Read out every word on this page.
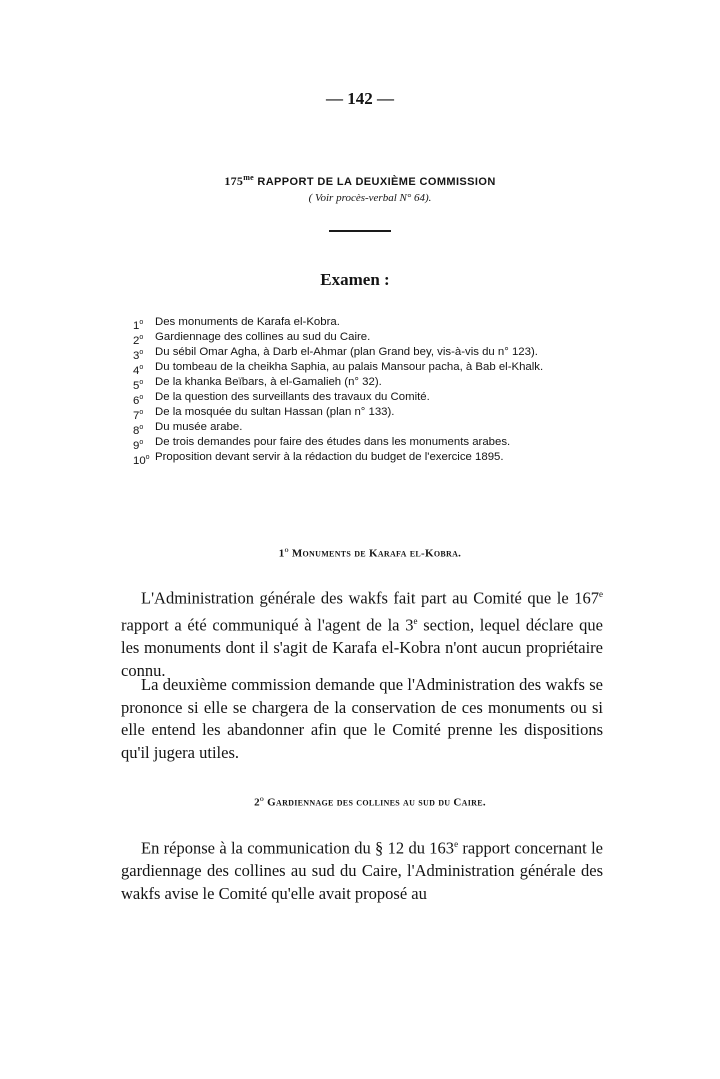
— 142 —
$175^{me}$ RAPPORT DE LA DEUXIÈME COMMISSION
( Voir procès-verbal N° 64).
Examen :
1$^o$ Des monuments de Karafa el-Kobra.
2$^o$ Gardiennage des collines au sud du Caire.
3$^o$ Du sébil Omar Agha, à Darb el-Ahmar (plan Grand bey, vis-à-vis du n° 123).
4$^o$ Du tombeau de la cheikha Saphia, au palais Mansour pacha, à Bab el-Khalk.
5$^o$ De la khanka Beïbars, à el-Gamalieh (n° 32).
6$^o$ De la question des surveillants des travaux du Comité.
7$^o$ De la mosquée du sultan Hassan (plan n° 133).
8$^o$ Du musée arabe.
9$^o$ De trois demandes pour faire des études dans les monuments arabes.
10$^o$ Proposition devant servir à la rédaction du budget de l'exercice 1895.
1$^o$ Monuments de Karafa el-Kobra.

L'Administration générale des wakfs fait part au Comité que le 167e rapport a été communiqué à l'agent de la 3e section, lequel déclare que les monuments dont il s'agit de Karafa el-Kobra n'ont aucun propriétaire connu.

La deuxième commission demande que l'Administration des wakfs se prononce si elle se chargera de la conservation de ces monuments ou si elle entend les abandonner afin que le Comité prenne les dispositions qu'il jugera utiles.

2$^o$ Gardiennage des collines au sud du Caire.

En réponse à la communication du § 12 du 163e rapport concernant le gardiennage des collines au sud du Caire, l'Administration générale des wakfs avise le Comité qu'elle avait proposé au
